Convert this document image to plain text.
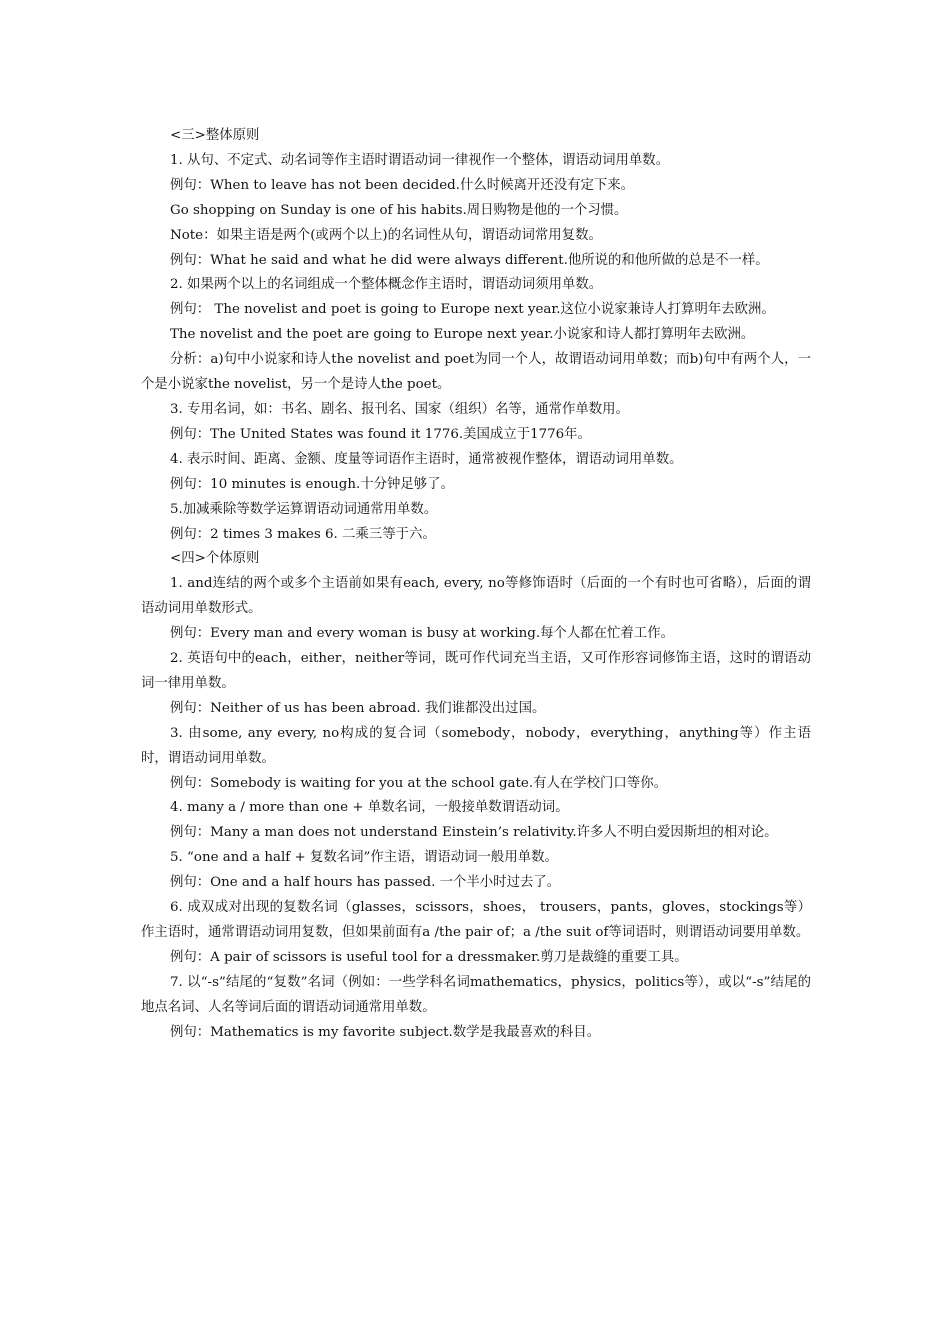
<三>整体原则

1. 从句、不定式、动名词等作主语时谓语动词一律视作一个整体，谓语动词用单数。

例句：When to leave has not been decided.什么时候离开还没有定下来。

Go shopping on Sunday is one of his habits.周日购物是他的一个习惯。

Note：如果主语是两个(或两个以上)的名词性从句，谓语动词常用复数。

例句：What he said and what he did were always different.他所说的和他所做的总是不一样。

2. 如果两个以上的名词组成一个整体概念作主语时，谓语动词须用单数。

例句： The novelist and poet is going to Europe next year.这位小说家兼诗人打算明年去欧洲。

The novelist and the poet are going to Europe next year.小说家和诗人都打算明年去欧洲。

分析：a)句中小说家和诗人the novelist and poet为同一个人，故谓语动词用单数；而b)句中有两个人，一个是小说家the novelist，另一个是诗人the poet。

3. 专用名词，如：书名、剧名、报刊名、国家（组织）名等，通常作单数用。

例句：The United States was found it 1776.美国成立于1776年。

4. 表示时间、距离、金额、度量等词语作主语时，通常被视作整体，谓语动词用单数。

例句：10 minutes is enough.十分钟足够了。

5.加减乘除等数学运算谓语动词通常用单数。

例句：2 times 3 makes 6. 二乘三等于六。

<四>个体原则

1. and连结的两个或多个主语前如果有each, every, no等修饰语时（后面的一个有时也可省略），后面的谓语动词用单数形式。

例句：Every man and every woman is busy at working.每个人都在忙着工作。

2. 英语句中的each，either，neither等词，既可作代词充当主语，又可作形容词修饰主语，这时的谓语动词一律用单数。

例句：Neither of us has been abroad. 我们谁都没出过国。

3. 由some, any every, no构成的复合词（somebody，nobody，everything，anything等）作主语时，谓语动词用单数。

例句：Somebody is waiting for you at the school gate.有人在学校门口等你。

4. many a / more than one + 单数名词，一般接单数谓语动词。

例句：Many a man does not understand Einstein’s relativity.许多人不明白爱因斯坦的相对论。

5. “one and a half + 复数名词”作主语，谓语动词一般用单数。

例句：One and a half hours has passed. 一个半小时过去了。

6. 成双成对出现的复数名词（glasses，scissors，shoes， trousers，pants，gloves，stockings等）作主语时，通常谓语动词用复数，但如果前面有a /the pair of；a /the suit of等词语时，则谓语动词要用单数。

例句：A pair of scissors is useful tool for a dressmaker.剪刀是裁缝的重要工具。

7. 以“-s”结尾的“复数”名词（例如：一些学科名词mathematics，physics，politics等），或以“-s”结尾的地点名词、人名等词后面的谓语动词通常用单数。

例句：Mathematics is my favorite subject.数学是我最喜欢的科目。
